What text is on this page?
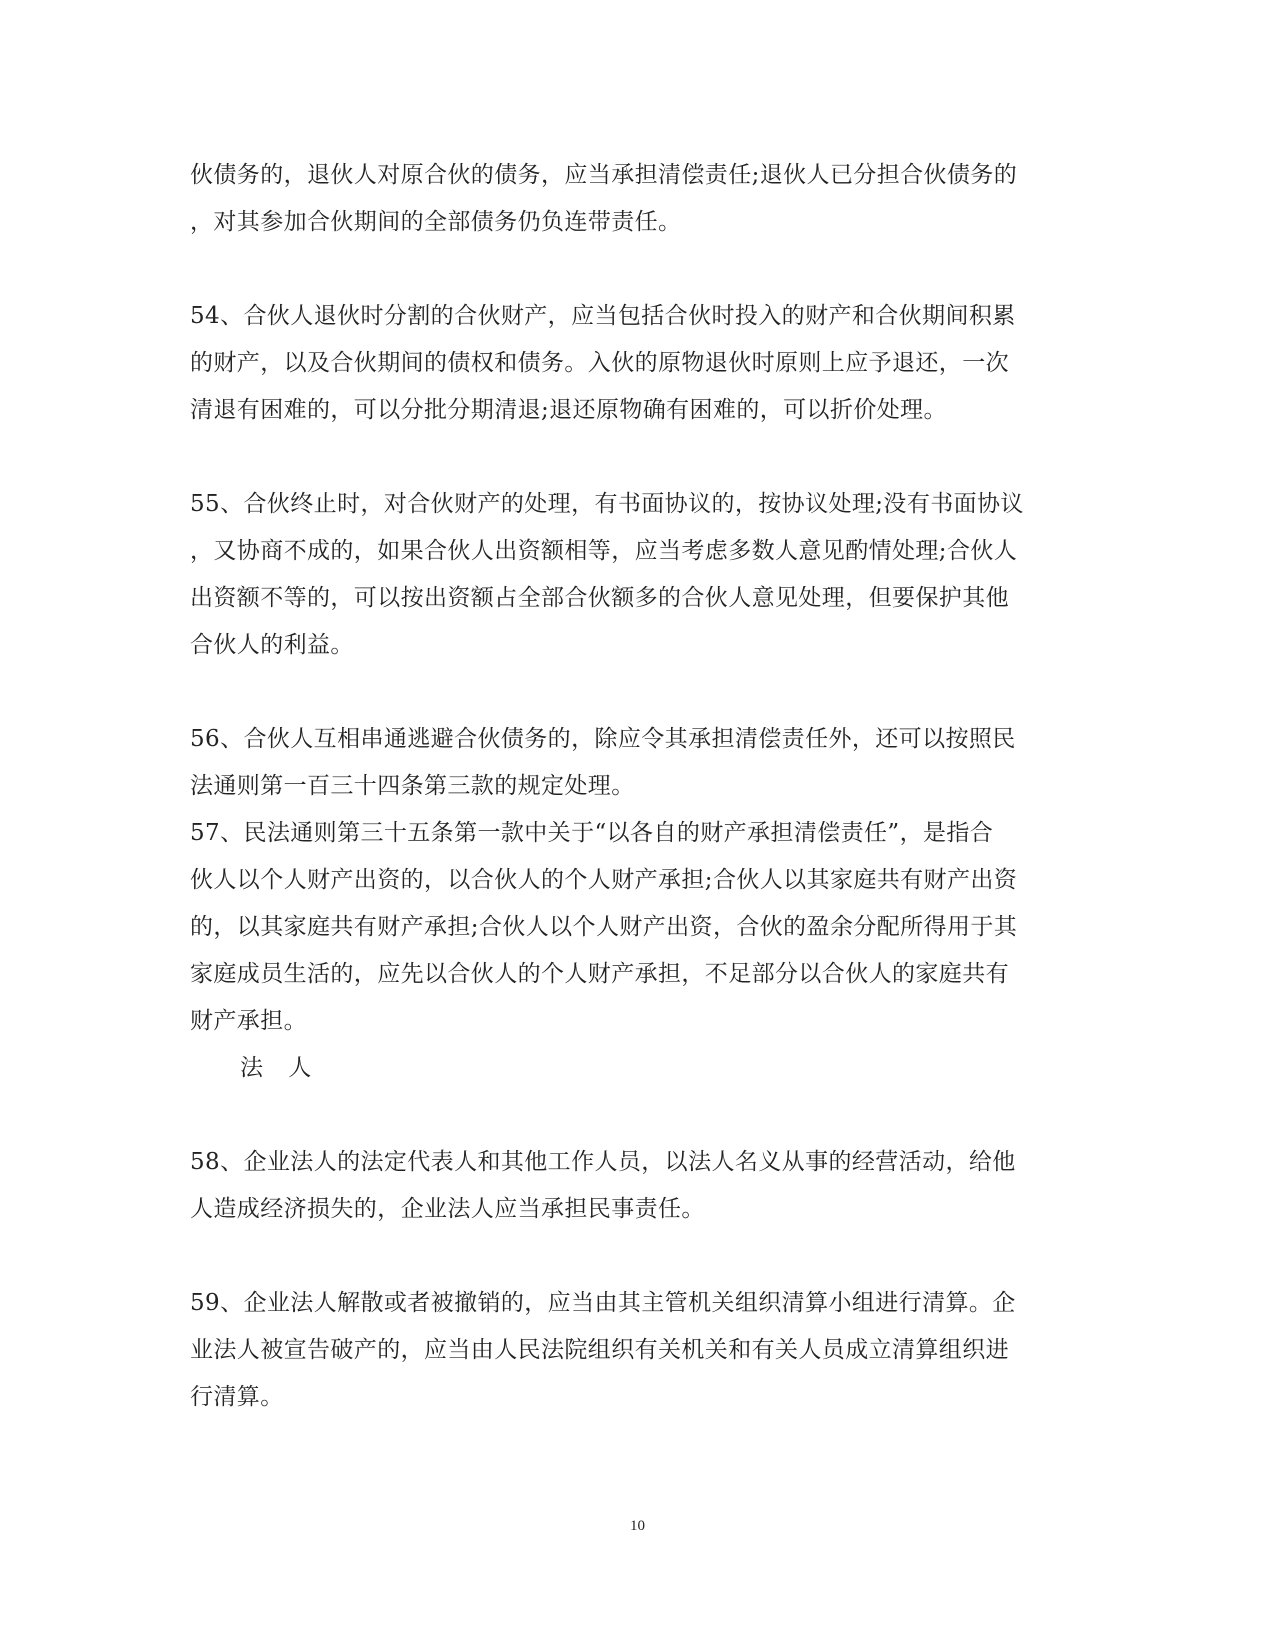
伙债务的，退伙人对原合伙的债务，应当承担清偿责任;退伙人已分担合伙债务的
，对其参加合伙期间的全部债务仍负连带责任。

54、合伙人退伙时分割的合伙财产，应当包括合伙时投入的财产和合伙期间积累
的财产，以及合伙期间的债权和债务。入伙的原物退伙时原则上应予退还，一次
清退有困难的，可以分批分期清退;退还原物确有困难的，可以折价处理。

55、合伙终止时，对合伙财产的处理，有书面协议的，按协议处理;没有书面协议
，又协商不成的，如果合伙人出资额相等，应当考虑多数人意见酌情处理;合伙人
出资额不等的，可以按出资额占全部合伙额多的合伙人意见处理，但要保护其他
合伙人的利益。

56、合伙人互相串通逃避合伙债务的，除应令其承担清偿责任外，还可以按照民
法通则第一百三十四条第三款的规定处理。

57、民法通则第三十五条第一款中关于“以各自的财产承担清偿责任”，是指合
伙人以个人财产出资的，以合伙人的个人财产承担;合伙人以其家庭共有财产出资
的，以其家庭共有财产承担;合伙人以个人财产出资，合伙的盈余分配所得用于其
家庭成员生活的，应先以合伙人的个人财产承担，不足部分以合伙人的家庭共有
财产承担。

法 人

58、企业法人的法定代表人和其他工作人员，以法人名义从事的经营活动，给他
人造成经济损失的，企业法人应当承担民事责任。

59、企业法人解散或者被撤销的，应当由其主管机关组织清算小组进行清算。企
业法人被宣告破产的，应当由人民法院组织有关机关和有关人员成立清算组织进
行清算。

10
